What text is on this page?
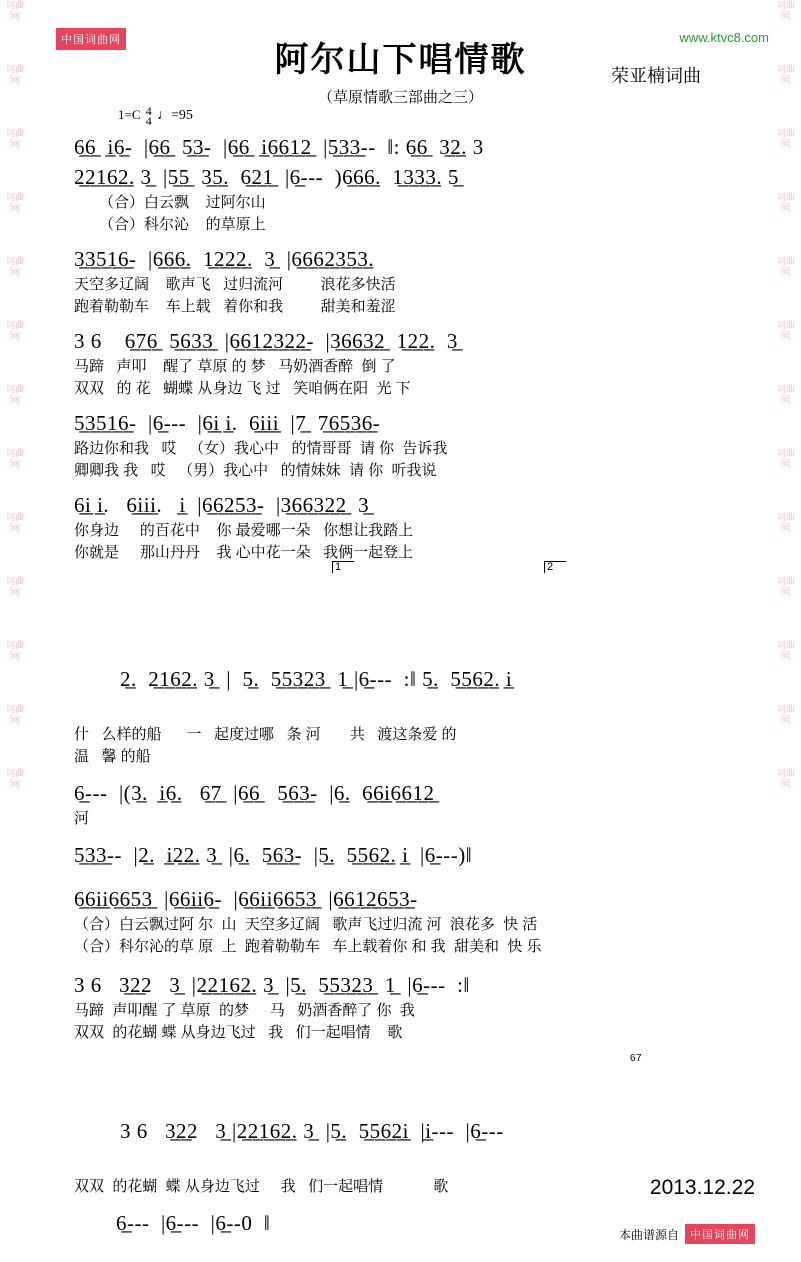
词曲网
词曲网
词曲网
词曲网
词曲网
词曲网
词曲网
词曲网
词曲网
词曲网
词曲网
词曲网
词曲网
词曲网
词曲网
词曲网
词曲网
词曲网
词曲网
词曲网
词曲网
词曲网
词曲网
词曲网
词曲网
词曲网
中国词曲网	www.ktvc8.com
阿尔山下唱情歌
（草原情歌三部曲之三）
荣亚楠词曲
1=C 4
4 ♩=95
6̲6̲  i̲6̲-  |6̲6̲  5̲3̲-  |6̲6̲  i̲6̲6̲1̲2̲  |5̲3̲3̲--  ‖: 6̲6̲  3̲2̲. 3
2̲2̲1̲6̲2̲. 3̲  |5̲5̲  3̲5̲.  6̲2̲1̲  |6̲---  )6̲6̲6̲.  1̲3̲3̲3̲. 5̲
（合）白云飘    过阿尔山
（合）科尔沁    的草原上
3̲3̲5̲1̲6̲-  |6̲6̲6̲.  1̲2̲2̲2̲.  3̲  |6̲6̲6̲2̲3̲5̲3̲.
天空多辽阔    歌声飞   过归流河         浪花多快活
跑着勒勒车    车上载   着你和我         甜美和羞涩
3 6    6̲7̲6̲  5̲6̲3̲3̲  |6̲6̲1̲2̲3̲2̲2̲-  |3̲6̲6̲3̲2̲  1̲2̲2̲.  3̲
马蹄   声叩    醒了 草原 的 梦   马奶酒香醉  倒 了
双双   的 花   蝴蝶 从身边 飞 过   笑咱俩在阳  光 下
5̲3̲5̲1̲6̲-  |6̲---  |6̲i̲ i̲.  6̲i̲i̲i̲  |7̲  7̲6̲5̲3̲6̲-
路边你和我   哎   （女）我心中   的情哥哥  请 你  告诉我
卿卿我 我   哎   （男）我心中   的情妹妹  请 你  听我说
6̲i̲ i̲.   6̲i̲i̲i̲.   i̲  |6̲6̲2̲5̲3̲-  |3̲6̲6̲3̲2̲2̲  3̲
你身边     的百花中    你 最爱哪一朵   你想让我踏上
你就是     那山丹丹    我 心中花一朵   我俩一起登上

1

	2

2̲.  2̲1̲6̲2̲. 3̲  |  5̲.  5̲5̲3̲2̲3̲  1̲ |6̲---  :‖ 5̲.  5̲5̲6̲2̲. i̲

什   么样的船      一   起度过哪   条 河       共   渡这条爱 的
温   馨 的船
6̲---  |(3̲.  i̲6̲.   6̲7̲  |6̲6̲   5̲6̲3̲-  |6̲.  6̲6̲i̲6̲6̲1̲2̲
河
5̲3̲3̲--  |2̲.  i̲2̲2̲. 3̲  |6̲.  5̲6̲3̲-  |5̲.  5̲5̲6̲2̲. i̲  |6̲---)‖
6̲6̲i̲i̲6̲6̲5̲3̲  |6̲6̲i̲i̲6̲-  |6̲6̲i̲i̲6̲6̲5̲3̲  |6̲6̲1̲2̲6̲5̲3̲-
（合）白云飘过阿 尔  山  天空多辽阔   歌声飞过归流 河  浪花多  快 活
（合）科尔沁的草 原  上  跑着勒勒车   车上载着你 和 我  甜美和  快 乐
3 6   3̲2̲2   3̲  |2̲2̲1̲6̲2̲. 3̲  |5̲.  5̲5̲3̲2̲3̲  1̲  |6̲---  :‖
马蹄  声叩醒 了 草原  的梦     马   奶酒香醉了 你  我
双双  的花蝴 蝶 从身边飞过   我   们一起唱情    歌

67

3 6   3̲2̲2   3̲ |2̲2̲1̲6̲2̲. 3̲  |5̲.  5̲5̲6̲2̲i̲  |i̲---  |6̲---

双双  的花蝴  蝶 从身边飞过     我   们一起唱情            歌
6̲---  |6̲---  |6̲--0  ‖
2013.12.22
本曲谱源自	中国词曲网
